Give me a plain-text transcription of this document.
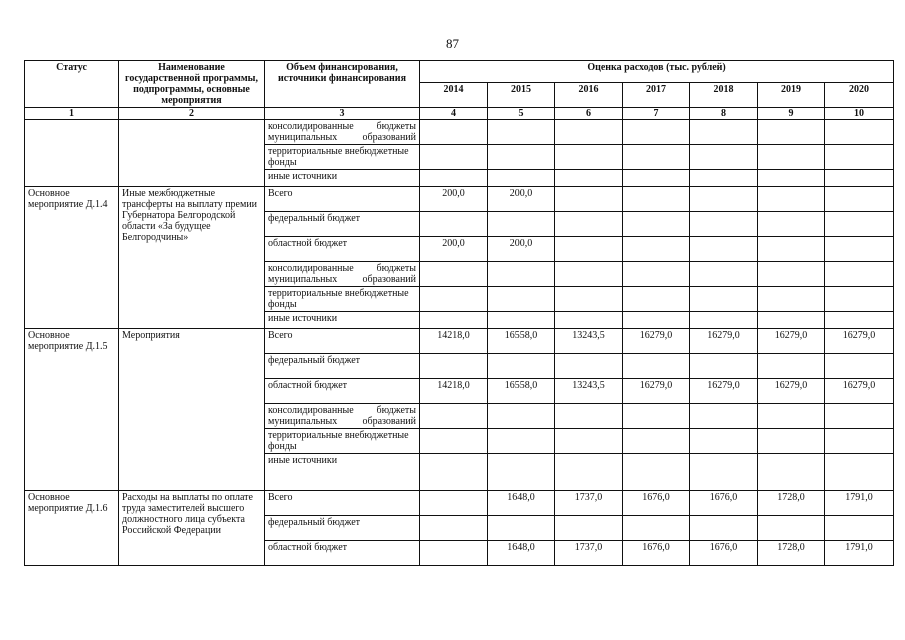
87
Статус	Наименование государственной программы, подпрограммы, основные мероприятия	Объем финансирования, источники финансирования	Оценка расходов (тыс. рублей)						
			2014	2015	2016	2017	2018	2019	2020
1	2	3	4	5	6	7	8	9	10
		консолидированные бюджеты муниципальных образований							
		территориальные внебюджетные фонды							
		иные источники							
Основное мероприятие Д.1.4	Иные межбюджетные трансферты на выплату премии Губернатора Белгородской области «За будущее Белгородчины»	Всего	200,0	200,0					
		федеральный бюджет							
		областной бюджет	200,0	200,0					
		консолидированные бюджеты муниципальных образований							
		территориальные внебюджетные фонды							
		иные источники							
Основное мероприятие Д.1.5	Мероприятия	Всего	14218,0	16558,0	13243,5	16279,0	16279,0	16279,0	16279,0
		федеральный бюджет							
		областной бюджет	14218,0	16558,0	13243,5	16279,0	16279,0	16279,0	16279,0
		консолидированные бюджеты муниципальных образований							
		территориальные внебюджетные фонды							
		иные источники							
Основное мероприятие Д.1.6	Расходы на выплаты по оплате труда заместителей высшего должностного лица субъекта Российской Федерации	Всего		1648,0	1737,0	1676,0	1676,0	1728,0	1791,0
		федеральный бюджет							
		областной бюджет		1648,0	1737,0	1676,0	1676,0	1728,0	1791,0
